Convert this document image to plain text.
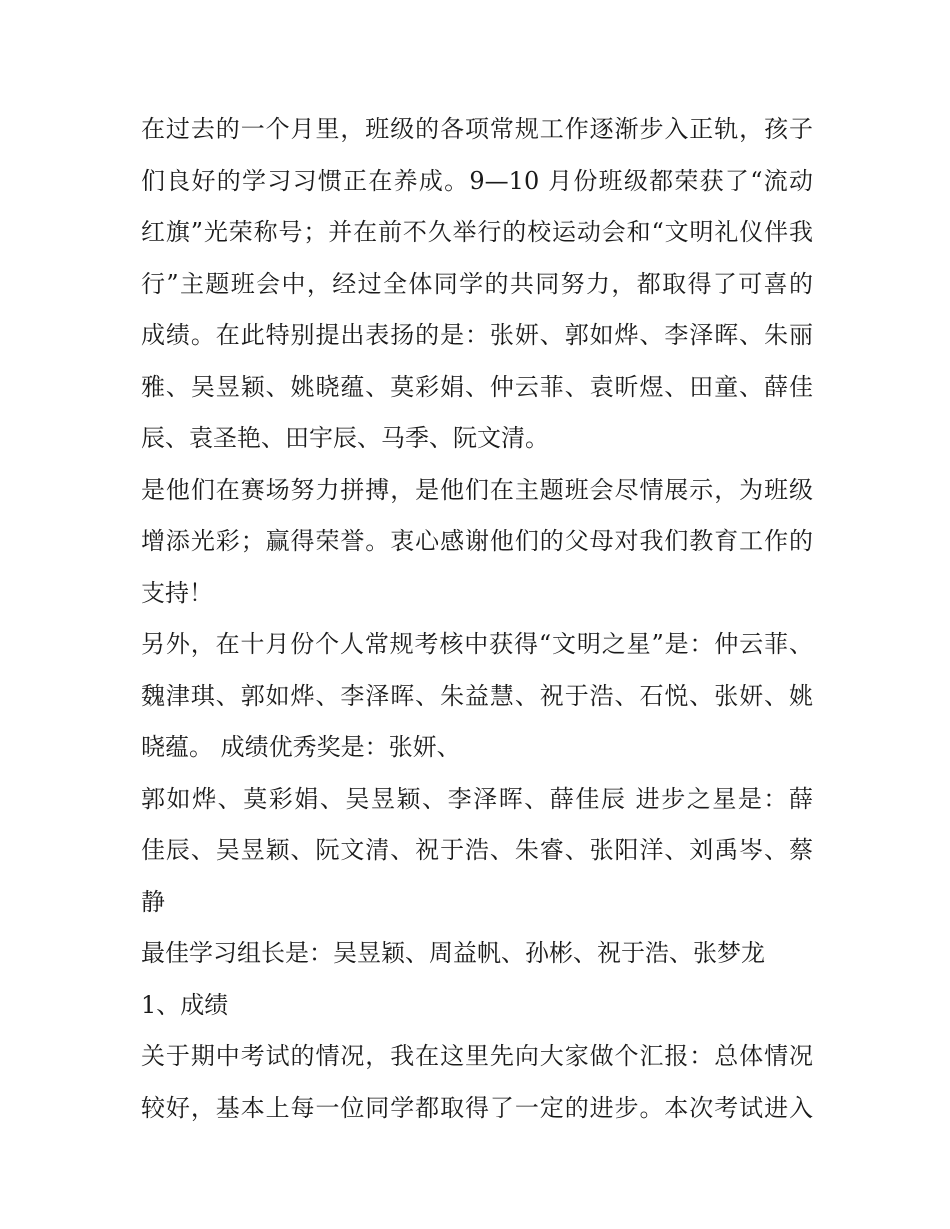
在过去的一个月里，班级的各项常规工作逐渐步入正轨，孩子
们良好的学习习惯正在养成。9—10 月份班级都荣获了“流动
红旗”光荣称号；并在前不久举行的校运动会和“文明礼仪伴我
行”主题班会中，经过全体同学的共同努力，都取得了可喜的
成绩。在此特别提出表扬的是：张妍、郭如烨、李泽晖、朱丽
雅、吴昱颖、姚晓蕴、莫彩娟、仲云菲、袁昕煜、田童、薛佳
辰、袁圣艳、田宇辰、马季、阮文清。
是他们在赛场努力拼搏，是他们在主题班会尽情展示，为班级
增添光彩；赢得荣誉。衷心感谢他们的父母对我们教育工作的
支持！
另外，在十月份个人常规考核中获得“文明之星”是：仲云菲、
魏津琪、郭如烨、李泽晖、朱益慧、祝于浩、石悦、张妍、姚
晓蕴。 成绩优秀奖是：张妍、
郭如烨、莫彩娟、吴昱颖、李泽晖、薛佳辰 进步之星是：薛
佳辰、吴昱颖、阮文清、祝于浩、朱睿、张阳洋、刘禹岑、蔡
静
最佳学习组长是：吴昱颖、周益帆、孙彬、祝于浩、张梦龙
1、成绩
关于期中考试的情况，我在这里先向大家做个汇报：总体情况
较好，基本上每一位同学都取得了一定的进步。本次考试进入
